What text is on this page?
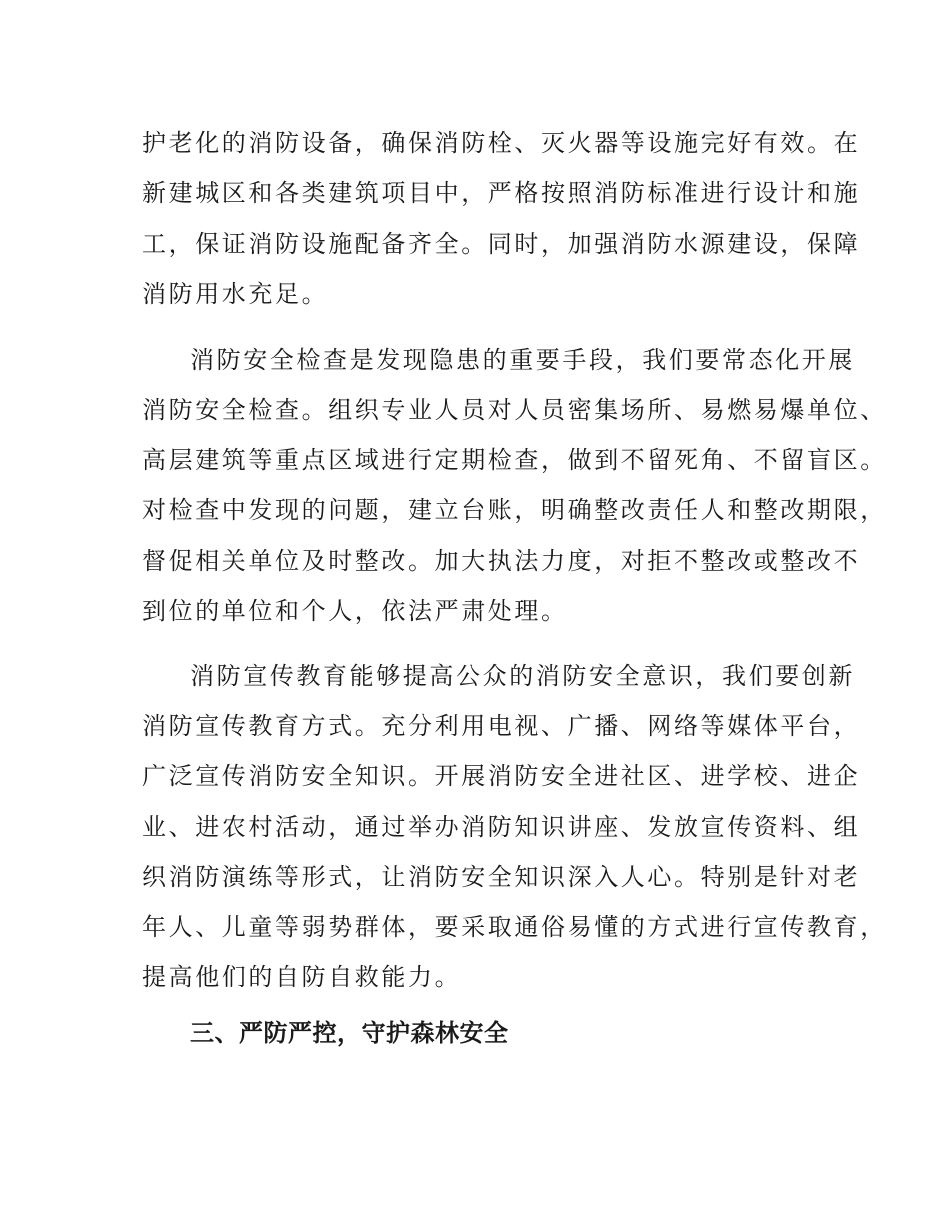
护老化的消防设备，确保消防栓、灭火器等设施完好有效。在
新建城区和各类建筑项目中，严格按照消防标准进行设计和施
工，保证消防设施配备齐全。同时，加强消防水源建设，保障
消防用水充足。
消防安全检查是发现隐患的重要手段，我们要常态化开展
消防安全检查。组织专业人员对人员密集场所、易燃易爆单位、
高层建筑等重点区域进行定期检查，做到不留死角、不留盲区。
对检查中发现的问题，建立台账，明确整改责任人和整改期限，
督促相关单位及时整改。加大执法力度，对拒不整改或整改不
到位的单位和个人，依法严肃处理。
消防宣传教育能够提高公众的消防安全意识，我们要创新
消防宣传教育方式。充分利用电视、广播、网络等媒体平台，
广泛宣传消防安全知识。开展消防安全进社区、进学校、进企
业、进农村活动，通过举办消防知识讲座、发放宣传资料、组
织消防演练等形式，让消防安全知识深入人心。特别是针对老
年人、儿童等弱势群体，要采取通俗易懂的方式进行宣传教育，
提高他们的自防自救能力。
三、严防严控，守护森林安全
